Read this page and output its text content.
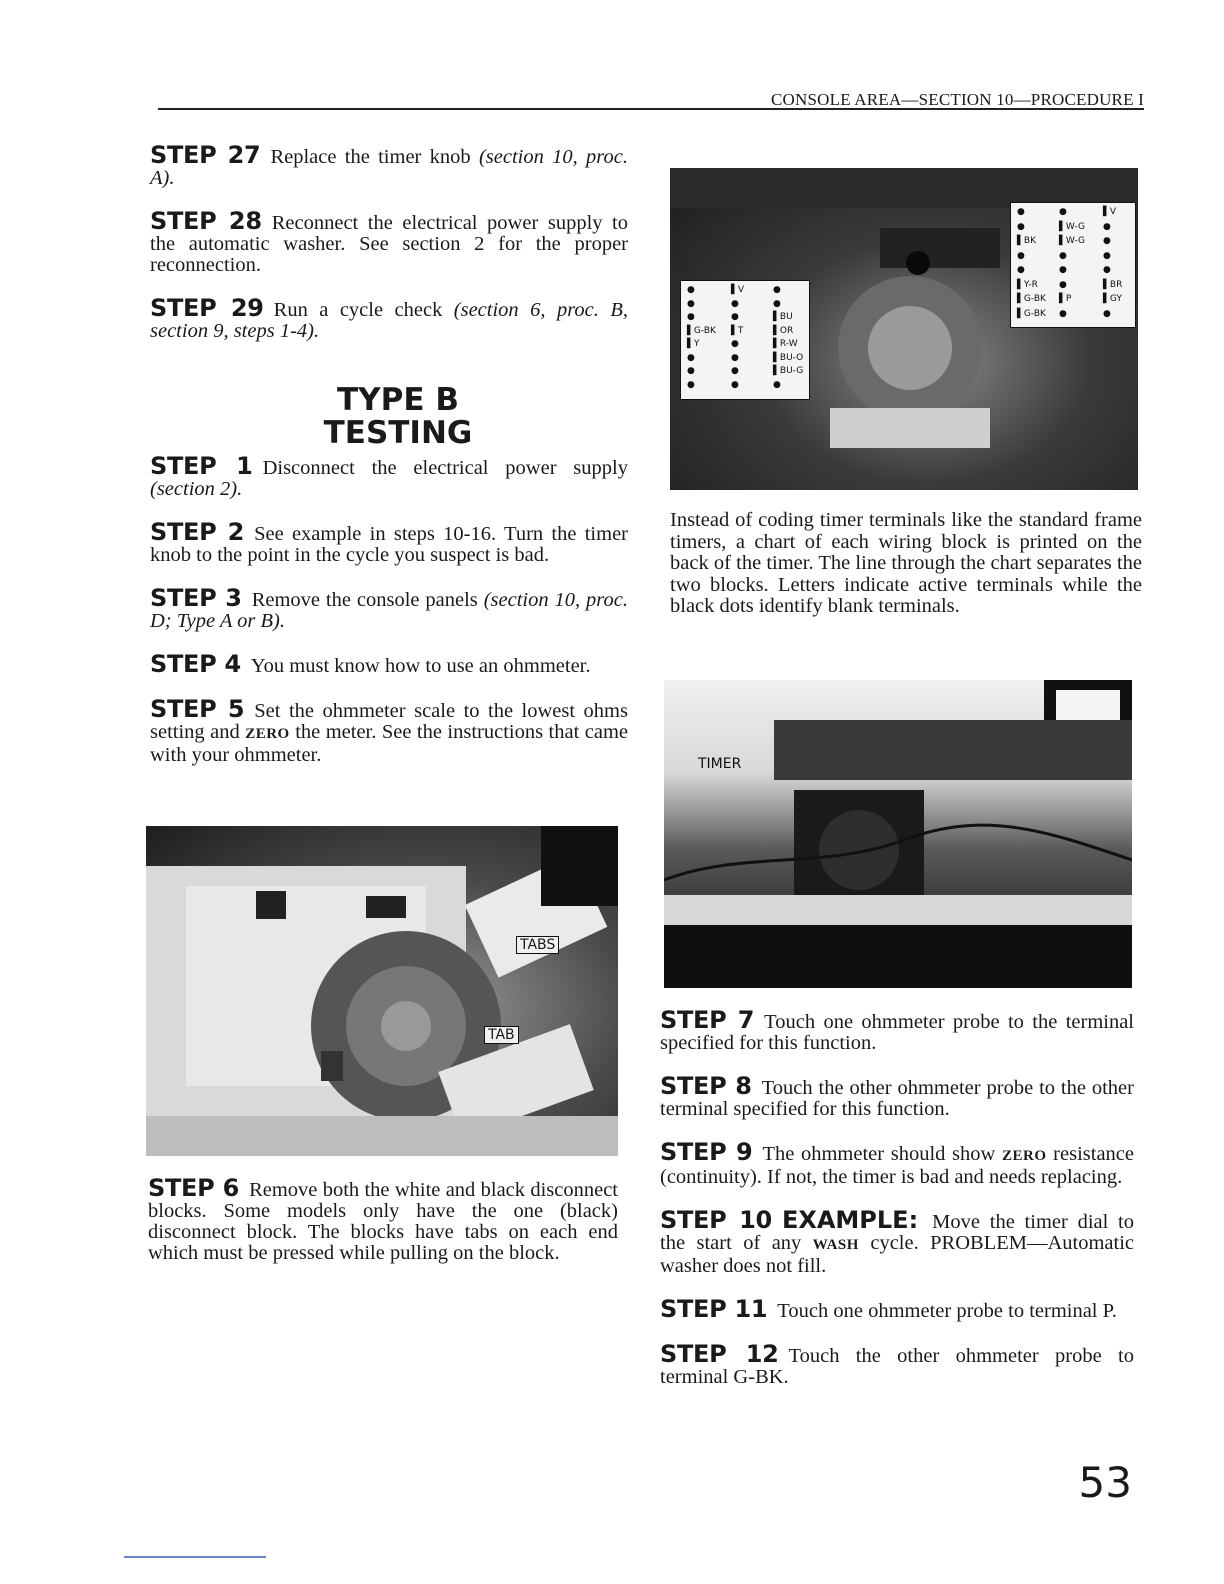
CONSOLE AREA—SECTION 10—PROCEDURE I

STEP 27 Replace the timer knob (section 10, proc. A).

STEP 28 Reconnect the electrical power supply to the automatic washer. See section 2 for the proper reconnection.

STEP 29 Run a cycle check (section 6, proc. B, section 9, steps 1-4).

TYPE B
TESTING

STEP 1 Disconnect the electrical power supply (section 2).

STEP 2 See example in steps 10-16. Turn the timer knob to the point in the cycle you suspect is bad.

STEP 3 Remove the console panels (section 10, proc. D; Type A or B).

STEP 4 You must know how to use an ohmmeter.

STEP 5 Set the ohmmeter scale to the lowest ohms setting and ZERO the meter. See the instructions that came with your ohmmeter.

TABS
TAB

STEP 6 Remove both the white and black disconnect blocks. Some models only have the one (black) disconnect block. The blocks have tabs on each end which must be pressed while pulling on the block.

●	▌V	●
●	●	●
●	●	▌BU
▌G-BK ▌T	▌OR
▌Y	●	▌R-W
●	●	▌BU-O
●	●	▌BU-G
●	●	●
●	●	▌V
●	▌W-G ●
▌BK	▌W-G ●
●	●	●
●	●	●
▌Y-R ●	▌BR
▌G-BK ▌P	▌GY
▌G-BK ●	●

Instead of coding timer terminals like the standard frame timers, a chart of each wiring block is printed on the back of the timer. The line through the chart separates the two blocks. Letters indicate active terminals while the black dots identify blank terminals.

TIMER

STEP 7 Touch one ohmmeter probe to the terminal specified for this function.

STEP 8 Touch the other ohmmeter probe to the other terminal specified for this function.

STEP 9 The ohmmeter should show ZERO resistance (continuity). If not, the timer is bad and needs replacing.

STEP 10 EXAMPLE: Move the timer dial to the start of any WASH cycle. PROBLEM—Automatic washer does not fill.

STEP 11 Touch one ohmmeter probe to terminal P.

STEP 12 Touch the other ohmmeter probe to terminal G-BK.

53
